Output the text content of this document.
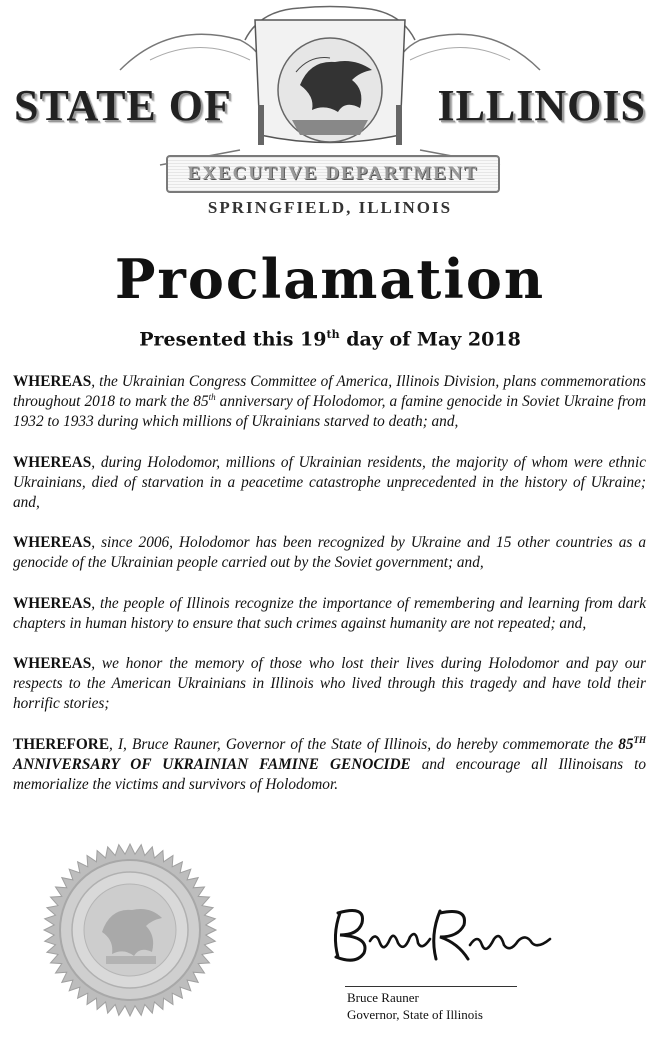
STATE OF	ILLINOIS
EXECUTIVE DEPARTMENT
SPRINGFIELD, ILLINOIS
Proclamation
Presented this 19th day of May 2018

WHEREAS, the Ukrainian Congress Committee of America, Illinois Division, plans commemorations throughout 2018 to mark the 85th anniversary of Holodomor, a famine genocide in Soviet Ukraine from 1932 to 1933 during which millions of Ukrainians starved to death; and,

WHEREAS, during Holodomor, millions of Ukrainian residents, the majority of whom were ethnic Ukrainians, died of starvation in a peacetime catastrophe unprecedented in the history of Ukraine; and,

WHEREAS, since 2006, Holodomor has been recognized by Ukraine and 15 other countries as a genocide of the Ukrainian people carried out by the Soviet government; and,

WHEREAS, the people of Illinois recognize the importance of remembering and learning from dark chapters in human history to ensure that such crimes against humanity are not repeated; and,

WHEREAS, we honor the memory of those who lost their lives during Holodomor and pay our respects to the American Ukrainians in Illinois who lived through this tragedy and have told their horrific stories;

THEREFORE, I, Bruce Rauner, Governor of the State of Illinois, do hereby commemorate the 85TH ANNIVERSARY OF UKRAINIAN FAMINE GENOCIDE and encourage all Illinoisans to memorialize the victims and survivors of Holodomor.

Bruce Rauner
Governor, State of Illinois
